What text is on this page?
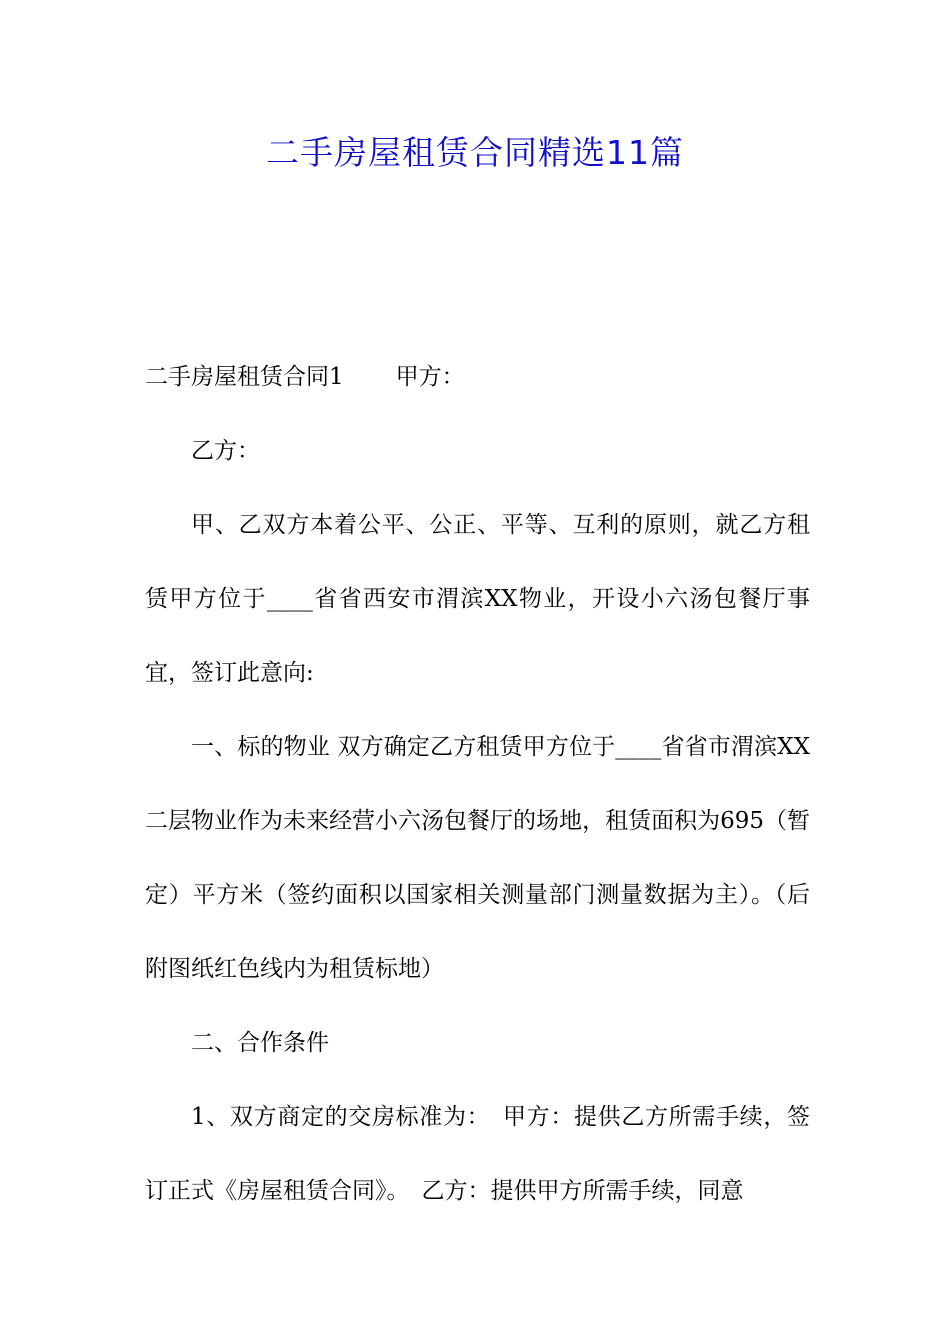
二手房屋租赁合同精选11篇

二手房屋租赁合同1 甲方：

乙方：

甲、乙双方本着公平、公正、平等、互利的原则，就乙方租赁甲方位于____省省西安市渭滨XX物业，开设小六汤包餐厅事宜，签订此意向:

一、标的物业 双方确定乙方租赁甲方位于____省省市渭滨XX二层物业作为未来经营小六汤包餐厅的场地，租赁面积为695（暂定）平方米（签约面积以国家相关测量部门测量数据为主）。（后附图纸红色线内为租赁标地）

二、合作条件

1、双方商定的交房标准为： 甲方：提供乙方所需手续，签订正式《房屋租赁合同》。 乙方：提供甲方所需手续，同意
